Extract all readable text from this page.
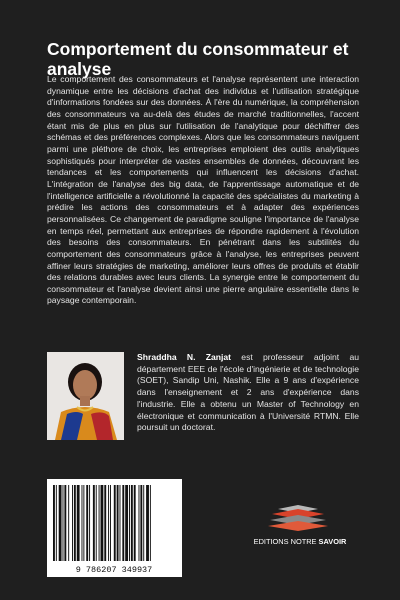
Comportement du consommateur et analyse

Le comportement des consommateurs et l'analyse représentent une interaction dynamique entre les décisions d'achat des individus et l'utilisation stratégique d'informations fondées sur des données. À l'ère du numérique, la compréhension des consommateurs va au-delà des études de marché traditionnelles, l'accent étant mis de plus en plus sur l'utilisation de l'analytique pour déchiffrer des schémas et des préférences complexes. Alors que les consommateurs naviguent parmi une pléthore de choix, les entreprises emploient des outils analytiques sophistiqués pour interpréter de vastes ensembles de données, découvrant les tendances et les comportements qui influencent les décisions d'achat. L'intégration de l'analyse des big data, de l'apprentissage automatique et de l'intelligence artificielle a révolutionné la capacité des spécialistes du marketing à prédire les actions des consommateurs et à adapter des expériences personnalisées. Ce changement de paradigme souligne l'importance de l'analyse en temps réel, permettant aux entreprises de répondre rapidement à l'évolution des besoins des consommateurs. En pénétrant dans les subtilités du comportement des consommateurs grâce à l'analyse, les entreprises peuvent affiner leurs stratégies de marketing, améliorer leurs offres de produits et établir des relations durables avec leurs clients. La synergie entre le comportement du consommateur et l'analyse devient ainsi une pierre angulaire essentielle dans le paysage contemporain.

Shraddha N. Zanjat est professeur adjoint au département EEE de l'école d'ingénierie et de technologie (SOET), Sandip Uni, Nashik. Elle a 9 ans d'expérience dans l'enseignement et 2 ans d'expérience dans l'industrie. Elle a obtenu un Master of Technology en électronique et communication à l'Université RTMN. Elle poursuit un doctorat.

9 786207 349937
EDITIONS NOTRE SAVOIR
